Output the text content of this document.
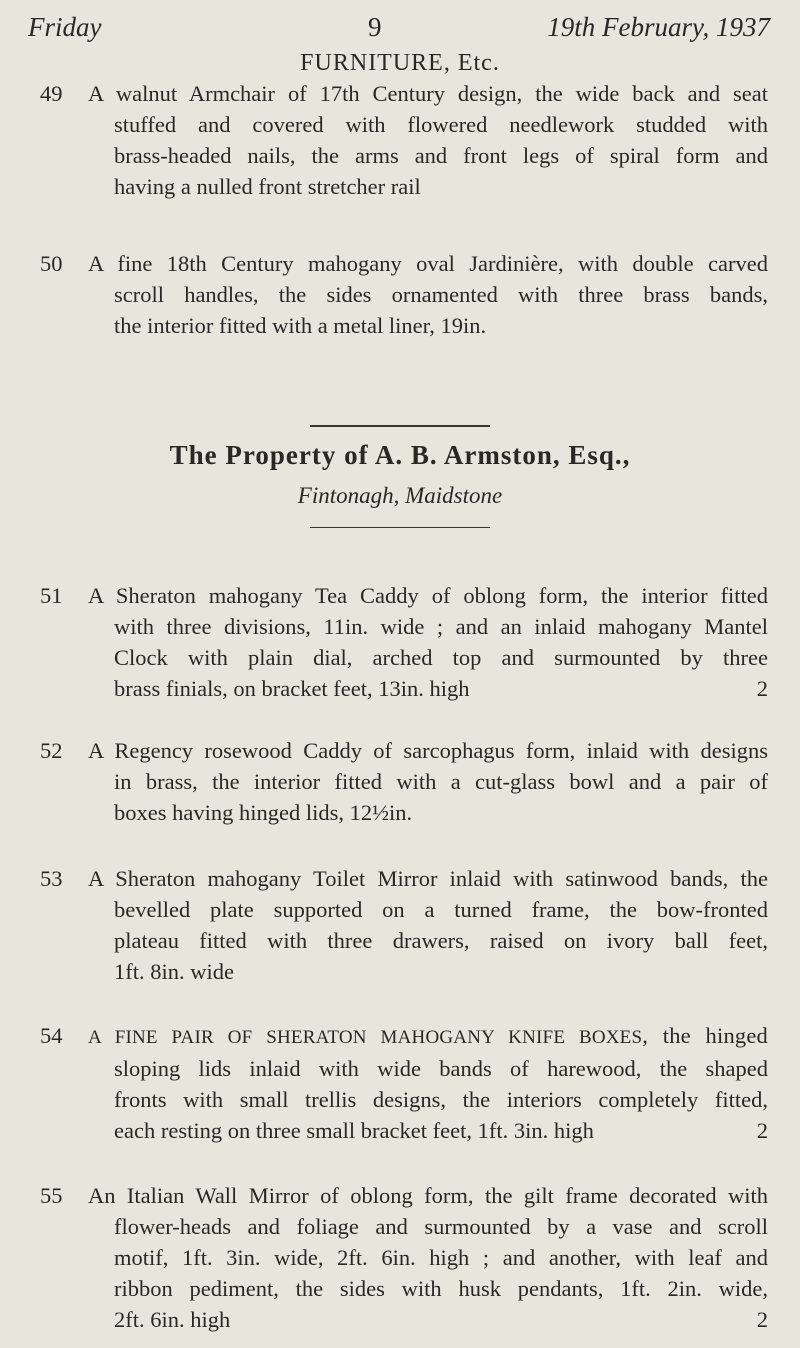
Friday	9	19th February, 1937
FURNITURE, Etc.
The Property of A. B. Armston, Esq.,
Fintonagh, Maidstone
49	A walnut Armchair of 17th Century design, the wide back and seat
stuffed and covered with flowered needlework studded with
brass-headed nails, the arms and front legs of spiral form and
having a nulled front stretcher rail
50	A fine 18th Century mahogany oval Jardinière, with double carved
scroll handles, the sides ornamented with three brass bands,
the interior fitted with a metal liner, 19in.
51	A Sheraton mahogany Tea Caddy of oblong form, the interior fitted
with three divisions, 11in. wide ; and an inlaid mahogany Mantel
Clock with plain dial, arched top and surmounted by three
brass finials, on bracket feet, 13in. high	2
52	A Regency rosewood Caddy of sarcophagus form, inlaid with designs
in brass, the interior fitted with a cut-glass bowl and a pair of
boxes having hinged lids, 12½in.
53	A Sheraton mahogany Toilet Mirror inlaid with satinwood bands, the
bevelled plate supported on a turned frame, the bow-fronted
plateau fitted with three drawers, raised on ivory ball feet,
1ft. 8in. wide
54	A FINE PAIR OF SHERATON MAHOGANY KNIFE BOXES, the hinged
sloping lids inlaid with wide bands of harewood, the shaped
fronts with small trellis designs, the interiors completely fitted,
each resting on three small bracket feet, 1ft. 3in. high	2
55	An Italian Wall Mirror of oblong form, the gilt frame decorated with
flower-heads and foliage and surmounted by a vase and scroll
motif, 1ft. 3in. wide, 2ft. 6in. high ; and another, with leaf and
ribbon pediment, the sides with husk pendants, 1ft. 2in. wide,
2ft. 6in. high	2
